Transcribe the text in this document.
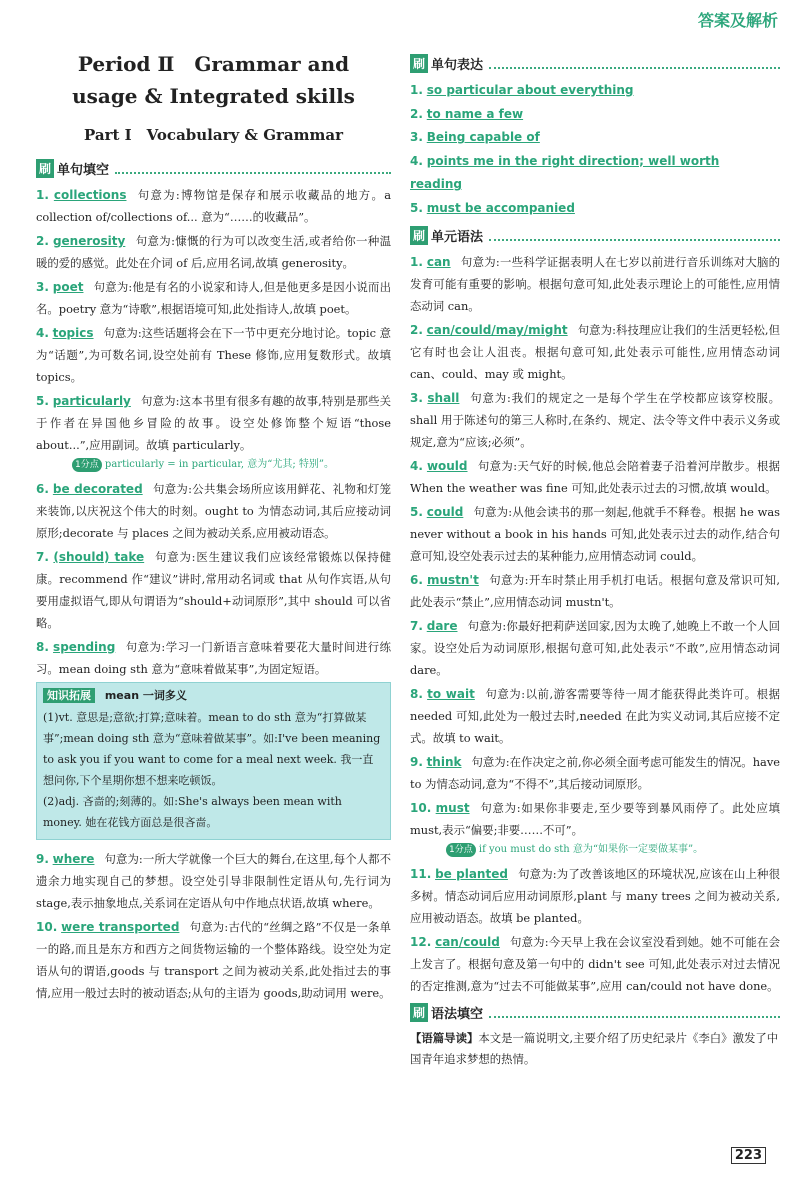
答案及解析
Period Ⅱ　Grammar and
usage & Integrated skills
Part Ⅰ　Vocabulary & Grammar
刷 单句填空
1. collections 句意为:博物馆是保存和展示收藏品的地方。a collection of/collections of... 意为“……的收藏品”。
2. generosity 句意为:慷慨的行为可以改变生活,或者给你一种温暖的爱的感觉。此处在介词 of 后,应用名词,故填 generosity。
3. poet 句意为:他是有名的小说家和诗人,但是他更多是因小说而出名。poetry 意为“诗歌”,根据语境可知,此处指诗人,故填 poet。
4. topics 句意为:这些话题将会在下一节中更充分地讨论。topic 意为“话题”,为可数名词,设空处前有 These 修饰,应用复数形式。故填 topics。
5. particularly 句意为:这本书里有很多有趣的故事,特别是那些关于作者在异国他乡冒险的故事。设空处修饰整个短语“those about...”,应用副词。故填 particularly。
1分点 particularly = in particular, 意为“尤其; 特别”。
6. be decorated 句意为:公共集会场所应该用鲜花、礼物和灯笼来装饰,以庆祝这个伟大的时刻。ought to 为情态动词,其后应接动词原形;decorate 与 places 之间为被动关系,应用被动语态。
7. (should) take 句意为:医生建议我们应该经常锻炼以保持健康。recommend 作“建议”讲时,常用动名词或 that 从句作宾语,从句要用虚拟语气,即从句谓语为“should+动词原形”,其中 should 可以省略。
8. spending 句意为:学习一门新语言意味着要花大量时间进行练习。mean doing sth 意为“意味着做某事”,为固定短语。
知识拓展 mean 一词多义
(1)vt. 意思是;意欲;打算;意味着。mean to do sth 意为“打算做某事”;mean doing sth 意为“意味着做某事”。如:I've been meaning to ask you if you want to come for a meal next week. 我一直想问你,下个星期你想不想来吃顿饭。
(2)adj. 吝啬的;刻薄的。如:She's always been mean with money. 她在花钱方面总是很吝啬。
9. where 句意为:一所大学就像一个巨大的舞台,在这里,每个人都不遗余力地实现自己的梦想。设空处引导非限制性定语从句,先行词为 stage,表示抽象地点,关系词在定语从句中作地点状语,故填 where。
10. were transported 句意为:古代的“丝绸之路”不仅是一条单一的路,而且是东方和西方之间货物运输的一个整体路线。设空处为定语从句的谓语,goods 与 transport 之间为被动关系,此处指过去的事情,应用一般过去时的被动语态;从句的主语为 goods,助动词用 were。
刷 单句表达
1. so particular about everything
2. to name a few
3. Being capable of
4. points me in the right direction; well worth reading
5. must be accompanied
刷 单元语法
1. can 句意为:一些科学证据表明人在七岁以前进行音乐训练对大脑的发育可能有重要的影响。根据句意可知,此处表示理论上的可能性,应用情态动词 can。
2. can/could/may/might 句意为:科技理应让我们的生活更轻松,但它有时也会让人沮丧。根据句意可知,此处表示可能性,应用情态动词 can、could、may 或 might。
3. shall 句意为:我们的规定之一是每个学生在学校都应该穿校服。shall 用于陈述句的第三人称时,在条约、规定、法令等文件中表示义务或规定,意为“应该;必须”。
4. would 句意为:天气好的时候,他总会陪着妻子沿着河岸散步。根据 When the weather was fine 可知,此处表示过去的习惯,故填 would。
5. could 句意为:从他会读书的那一刻起,他就手不释卷。根据 he was never without a book in his hands 可知,此处表示过去的动作,结合句意可知,设空处表示过去的某种能力,应用情态动词 could。
6. mustn't 句意为:开车时禁止用手机打电话。根据句意及常识可知,此处表示“禁止”,应用情态动词 mustn't。
7. dare 句意为:你最好把莉萨送回家,因为太晚了,她晚上不敢一个人回家。设空处后为动词原形,根据句意可知,此处表示“不敢”,应用情态动词 dare。
8. to wait 句意为:以前,游客需要等待一周才能获得此类许可。根据 needed 可知,此处为一般过去时,needed 在此为实义动词,其后应接不定式。故填 to wait。
9. think 句意为:在作决定之前,你必须全面考虑可能发生的情况。have to 为情态动词,意为“不得不”,其后接动词原形。
10. must 句意为:如果你非要走,至少要等到暴风雨停了。此处应填 must,表示“偏要;非要……不可”。
1分点 if you must do sth 意为“如果你一定要做某事”。
11. be planted 句意为:为了改善该地区的环境状况,应该在山上种很多树。情态动词后应用动词原形,plant 与 many trees 之间为被动关系,应用被动语态。故填 be planted。
12. can/could 句意为:今天早上我在会议室没看到她。她不可能在会上发言了。根据句意及第一句中的 didn't see 可知,此处表示对过去情况的否定推测,意为“过去不可能做某事”,应用 can/could not have done。
刷 语法填空
【语篇导读】本文是一篇说明文,主要介绍了历史纪录片《李白》激发了中国青年追求梦想的热情。
223
